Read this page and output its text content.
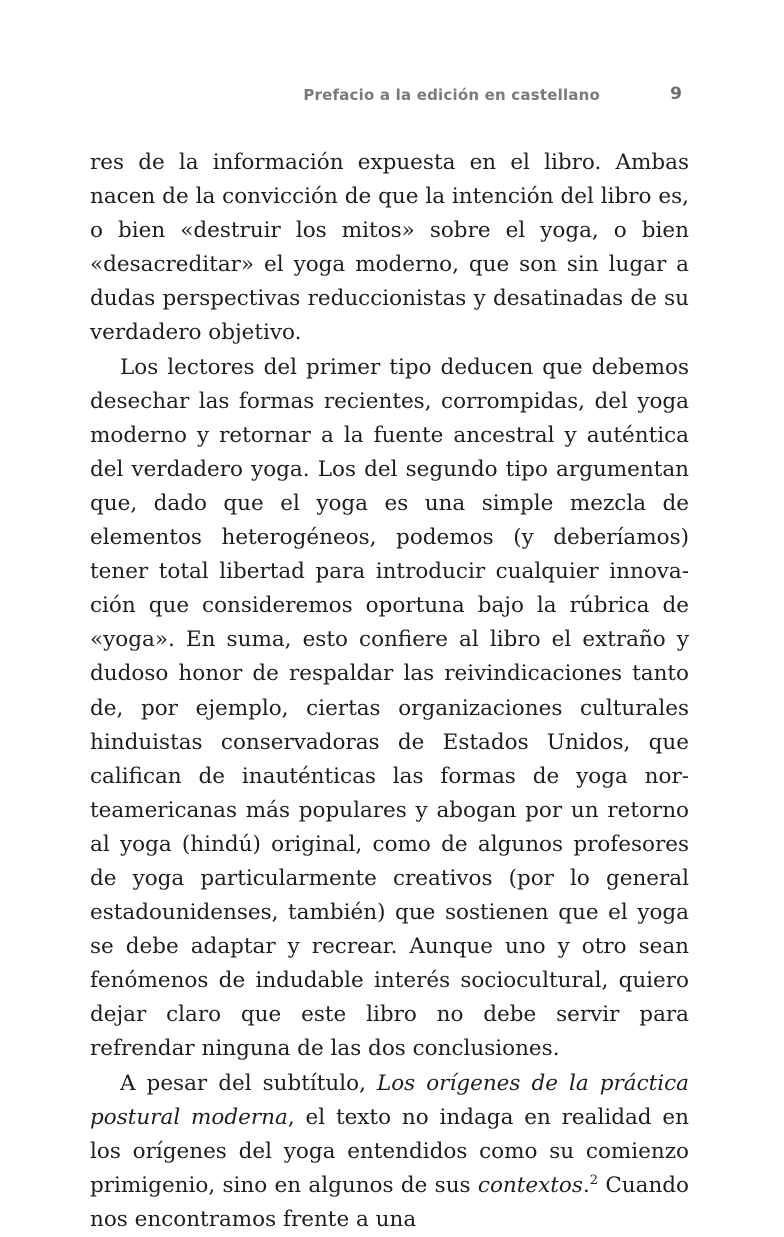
Prefacio a la edición en castellano	9

res de la información expuesta en el libro. Ambas nacen de la convicción de que la intención del libro es, o bien «destruir los mitos» sobre el yoga, o bien «desacreditar» el yoga moderno, que son sin lugar a dudas perspectivas reduccionistas y desatinadas de su verdadero objetivo.

Los lectores del primer tipo deducen que debemos desechar las formas recientes, corrompidas, del yoga moderno y retornar a la fuente ancestral y auténtica del verdadero yoga. Los del segundo tipo argumentan que, dado que el yoga es una simple mezcla de elementos heterogéneos, podemos (y deberíamos) tener total libertad para introducir cualquier innovación que consideremos oportuna bajo la rúbrica de «yoga». En suma, esto confiere al libro el extraño y dudoso honor de respaldar las reivindicaciones tanto de, por ejemplo, ciertas organizaciones culturales hinduistas conservadoras de Estados Unidos, que califican de inauténticas las formas de yoga norteamericanas más populares y abogan por un retorno al yoga (hindú) original, como de algunos profesores de yoga particularmente creativos (por lo general estadounidenses, también) que sostienen que el yoga se debe adaptar y recrear. Aunque uno y otro sean fenómenos de indudable interés sociocultural, quiero dejar claro que este libro no debe servir para refrendar ninguna de las dos conclusiones.

A pesar del subtítulo, Los orígenes de la práctica postural moderna, el texto no indaga en realidad en los orígenes del yoga entendidos como su comienzo primigenio, sino en algunos de sus contextos.$^2$ Cuando nos encontramos frente a una
